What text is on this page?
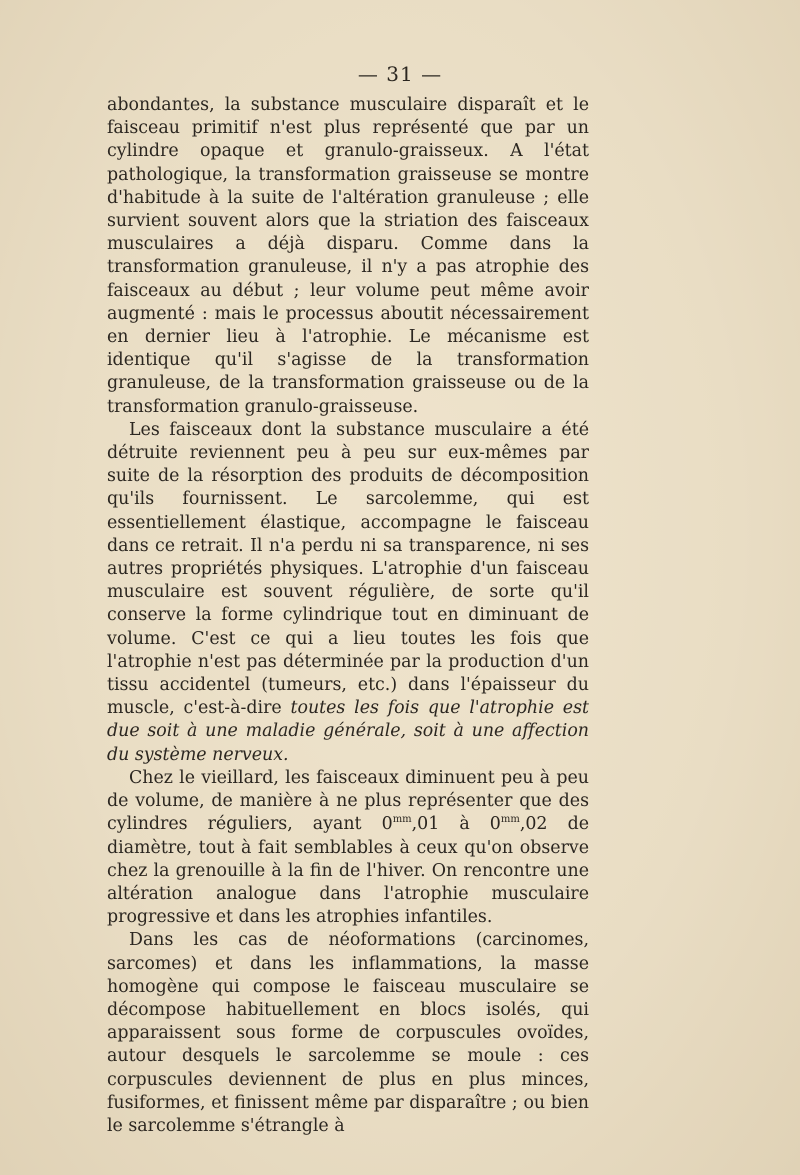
— 31 —

abondantes, la substance musculaire disparaît et le faisceau primitif n'est plus représenté que par un cylindre opaque et granulo-graisseux. A l'état pathologique, la transformation graisseuse se montre d'habitude à la suite de l'altération granuleuse ; elle survient souvent alors que la striation des faisceaux musculaires a déjà disparu. Comme dans la transformation granuleuse, il n'y a pas atrophie des faisceaux au début ; leur volume peut même avoir augmenté : mais le processus aboutit nécessairement en dernier lieu à l'atrophie. Le mécanisme est identique qu'il s'agisse de la transformation granuleuse, de la transformation graisseuse ou de la transformation granulo-graisseuse.

Les faisceaux dont la substance musculaire a été détruite reviennent peu à peu sur eux-mêmes par suite de la résorption des produits de décomposition qu'ils fournissent. Le sarcolemme, qui est essentiellement élastique, accompagne le faisceau dans ce retrait. Il n'a perdu ni sa transparence, ni ses autres propriétés physiques. L'atrophie d'un faisceau musculaire est souvent régulière, de sorte qu'il conserve la forme cylindrique tout en diminuant de volume. C'est ce qui a lieu toutes les fois que l'atrophie n'est pas déterminée par la production d'un tissu accidentel (tumeurs, etc.) dans l'épaisseur du muscle, c'est-à-dire toutes les fois que l'atrophie est due soit à une maladie générale, soit à une affection du système nerveux.

Chez le vieillard, les faisceaux diminuent peu à peu de volume, de manière à ne plus représenter que des cylindres réguliers, ayant $0^{mm},01$ à $0^{mm},02$ de diamètre, tout à fait semblables à ceux qu'on observe chez la grenouille à la fin de l'hiver. On rencontre une altération analogue dans l'atrophie musculaire progressive et dans les atrophies infantiles.

Dans les cas de néoformations (carcinomes, sarcomes) et dans les inflammations, la masse homogène qui compose le faisceau musculaire se décompose habituellement en blocs isolés, qui apparaissent sous forme de corpuscules ovoïdes, autour desquels le sarcolemme se moule : ces corpuscules deviennent de plus en plus minces, fusiformes, et finissent même par disparaître ; ou bien le sarcolemme s'étrangle à
